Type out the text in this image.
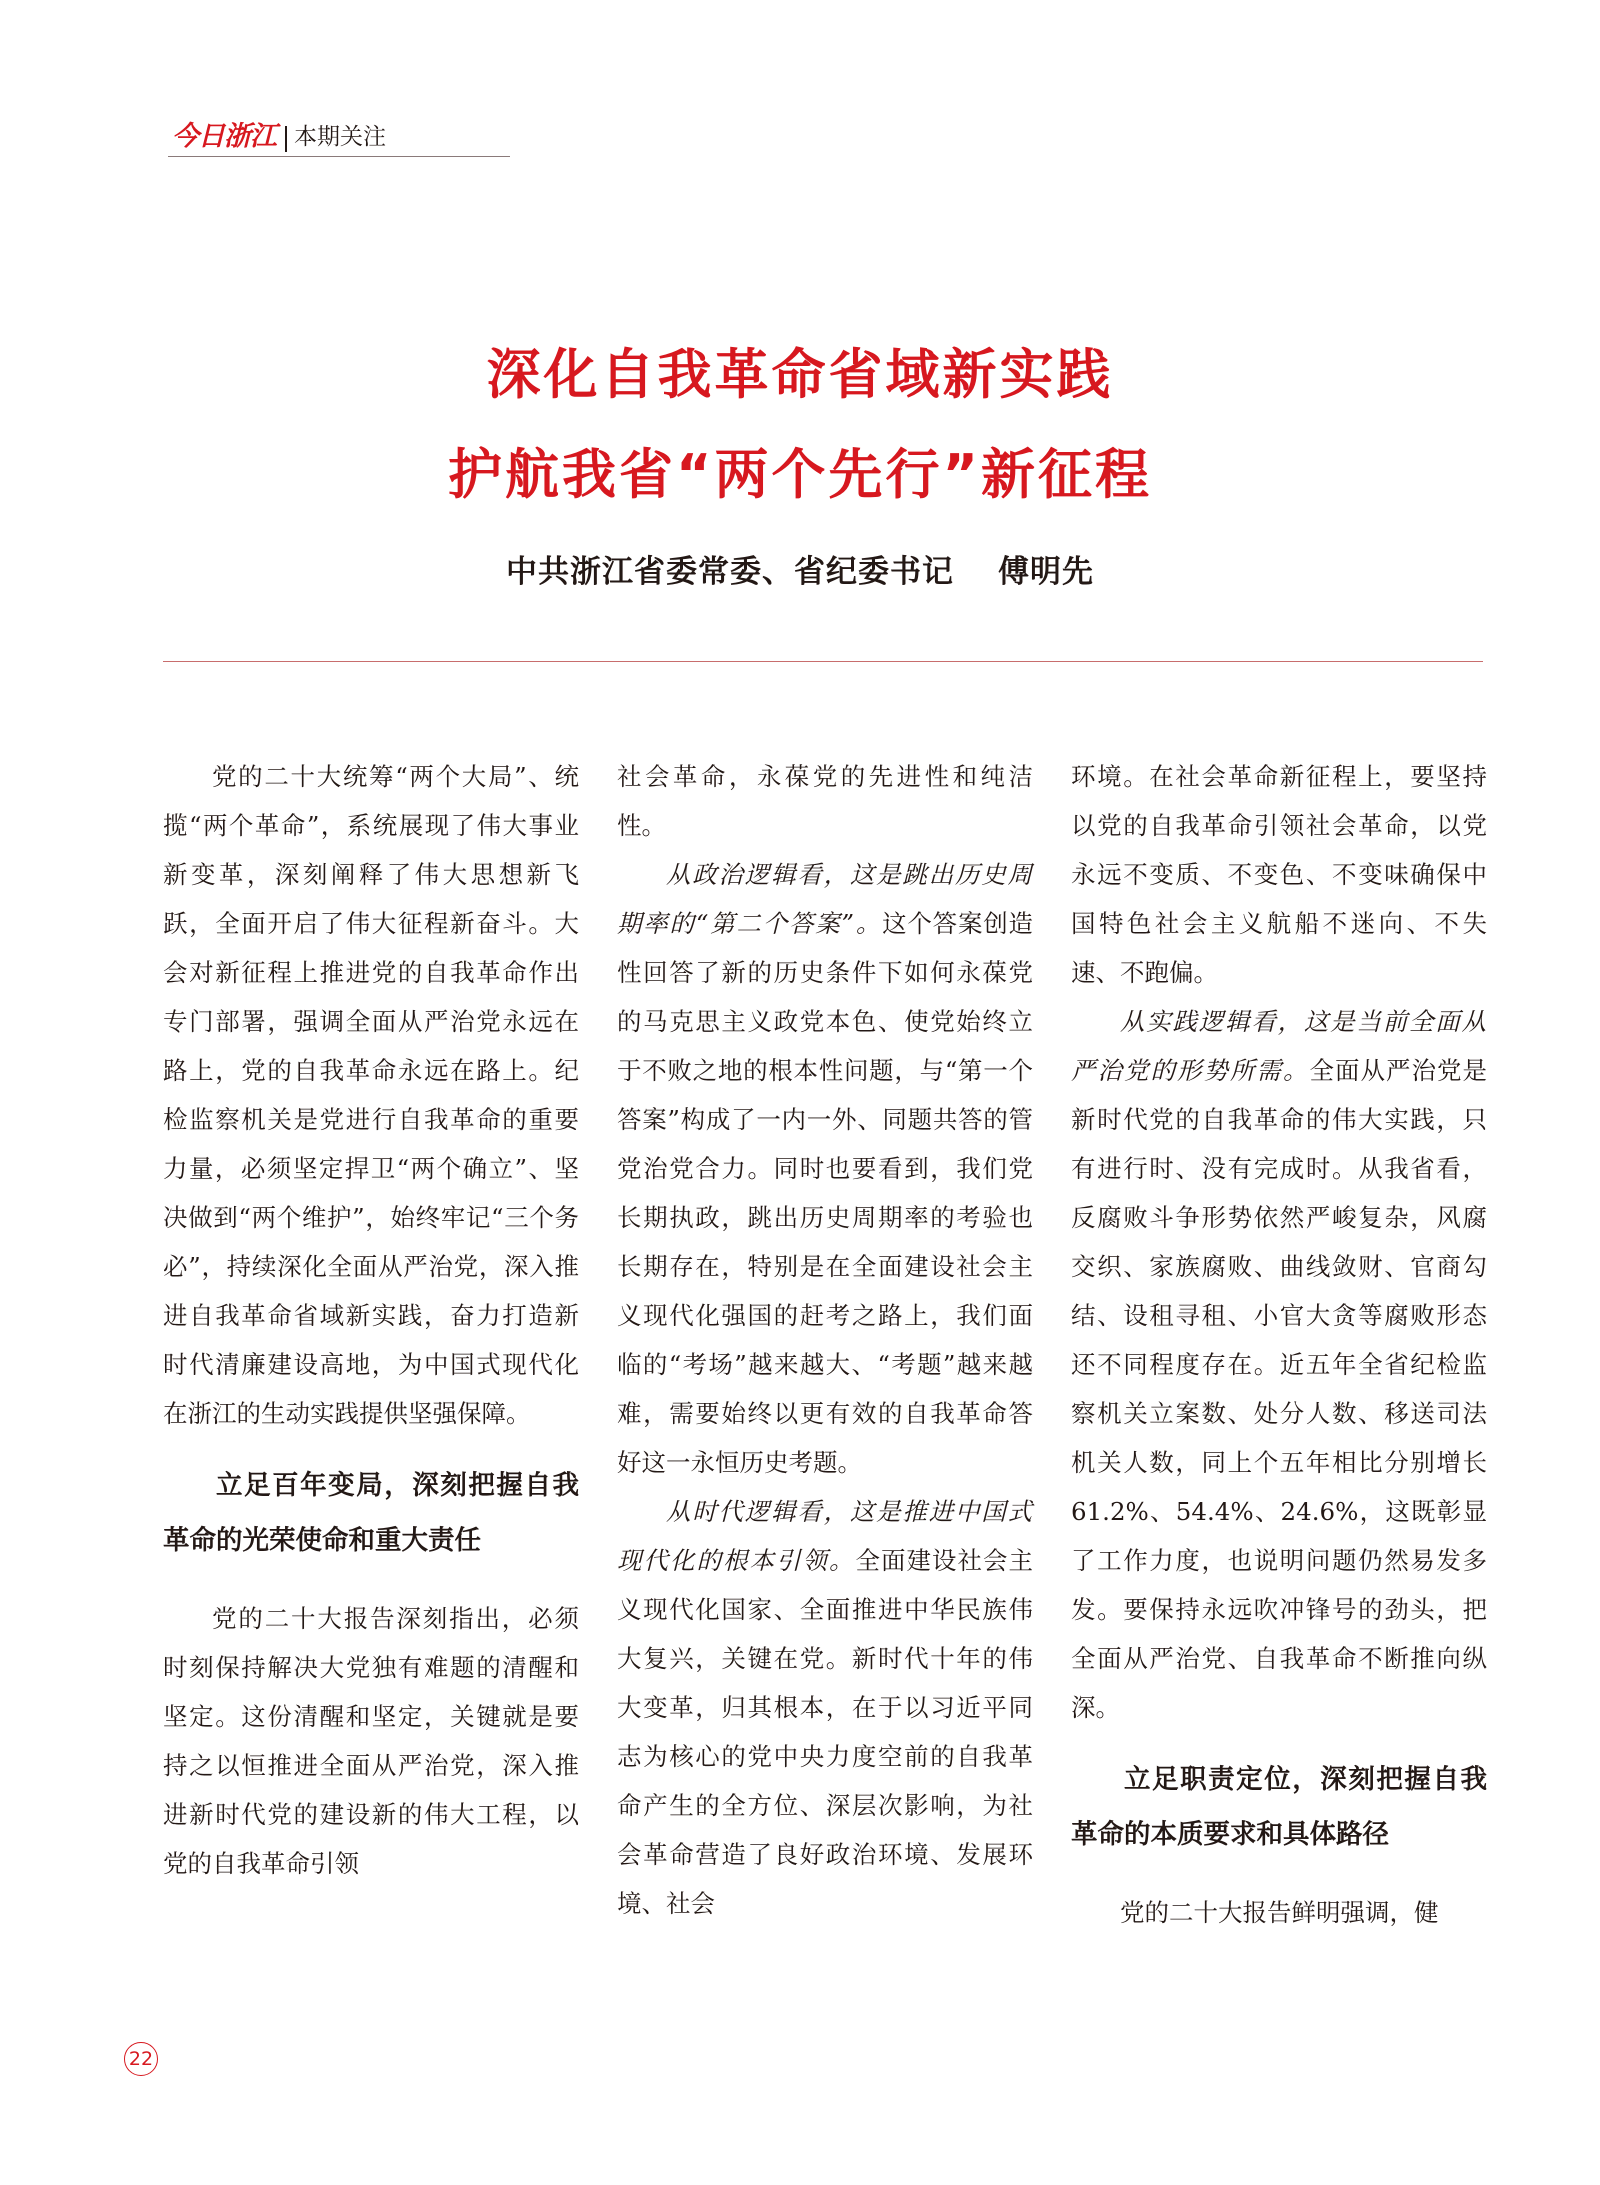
今日浙江 本期关注
深化自我革命省域新实践
护航我省“两个先行”新征程
中共浙江省委常委、省纪委书记 傅明先

党的二十大统筹“两个大局”、统揽“两个革命”，系统展现了伟大事业新变革，深刻阐释了伟大思想新飞跃，全面开启了伟大征程新奋斗。大会对新征程上推进党的自我革命作出专门部署，强调全面从严治党永远在路上，党的自我革命永远在路上。纪检监察机关是党进行自我革命的重要力量，必须坚定捍卫“两个确立”、坚决做到“两个维护”，始终牢记“三个务必”，持续深化全面从严治党，深入推进自我革命省域新实践，奋力打造新时代清廉建设高地，为中国式现代化在浙江的生动实践提供坚强保障。

立足百年变局，深刻把握自我革命的光荣使命和重大责任

党的二十大报告深刻指出，必须时刻保持解决大党独有难题的清醒和坚定。这份清醒和坚定，关键就是要持之以恒推进全面从严治党，深入推进新时代党的建设新的伟大工程，以党的自我革命引领

社会革命，永葆党的先进性和纯洁性。

从政治逻辑看，这是跳出历史周期率的“第二个答案”。这个答案创造性回答了新的历史条件下如何永葆党的马克思主义政党本色、使党始终立于不败之地的根本性问题，与“第一个答案”构成了一内一外、同题共答的管党治党合力。同时也要看到，我们党长期执政，跳出历史周期率的考验也长期存在，特别是在全面建设社会主义现代化强国的赶考之路上，我们面临的“考场”越来越大、“考题”越来越难，需要始终以更有效的自我革命答好这一永恒历史考题。

从时代逻辑看，这是推进中国式现代化的根本引领。全面建设社会主义现代化国家、全面推进中华民族伟大复兴，关键在党。新时代十年的伟大变革，归其根本，在于以习近平同志为核心的党中央力度空前的自我革命产生的全方位、深层次影响，为社会革命营造了良好政治环境、发展环境、社会

环境。在社会革命新征程上，要坚持以党的自我革命引领社会革命，以党永远不变质、不变色、不变味确保中国特色社会主义航船不迷向、不失速、不跑偏。

从实践逻辑看，这是当前全面从严治党的形势所需。全面从严治党是新时代党的自我革命的伟大实践，只有进行时、没有完成时。从我省看，反腐败斗争形势依然严峻复杂，风腐交织、家族腐败、曲线敛财、官商勾结、设租寻租、小官大贪等腐败形态还不同程度存在。近五年全省纪检监察机关立案数、处分人数、移送司法机关人数，同上个五年相比分别增长61.2%、54.4%、24.6%，这既彰显了工作力度，也说明问题仍然易发多发。要保持永远吹冲锋号的劲头，把全面从严治党、自我革命不断推向纵深。

立足职责定位，深刻把握自我革命的本质要求和具体路径

党的二十大报告鲜明强调，健

22
